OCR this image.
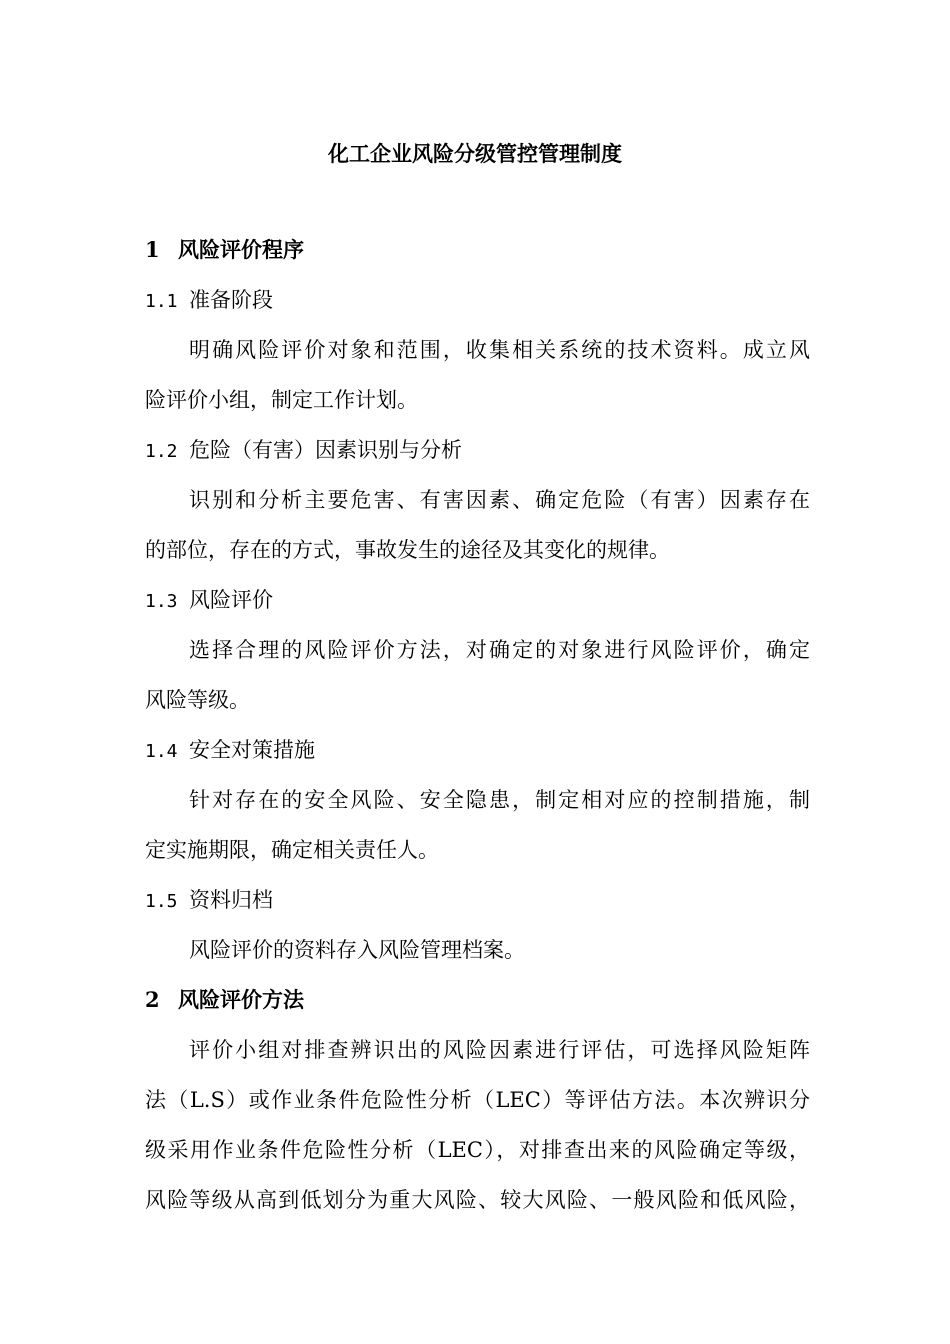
化工企业风险分级管控管理制度
1 风险评价程序
1.1 准备阶段
明确风险评价对象和范围，收集相关系统的技术资料。成立风
险评价小组，制定工作计划。
1.2 危险（有害）因素识别与分析
识别和分析主要危害、有害因素、确定危险（有害）因素存在
的部位，存在的方式，事故发生的途径及其变化的规律。
1.3 风险评价
选择合理的风险评价方法，对确定的对象进行风险评价，确定
风险等级。
1.4 安全对策措施
针对存在的安全风险、安全隐患，制定相对应的控制措施，制
定实施期限，确定相关责任人。
1.5 资料归档
风险评价的资料存入风险管理档案。
2 风险评价方法
评价小组对排查辨识出的风险因素进行评估，可选择风险矩阵
法（L.S）或作业条件危险性分析（LEC）等评估方法。本次辨识分
级采用作业条件危险性分析（LEC），对排查出来的风险确定等级，
风险等级从高到低划分为重大风险、较大风险、一般风险和低风险，
